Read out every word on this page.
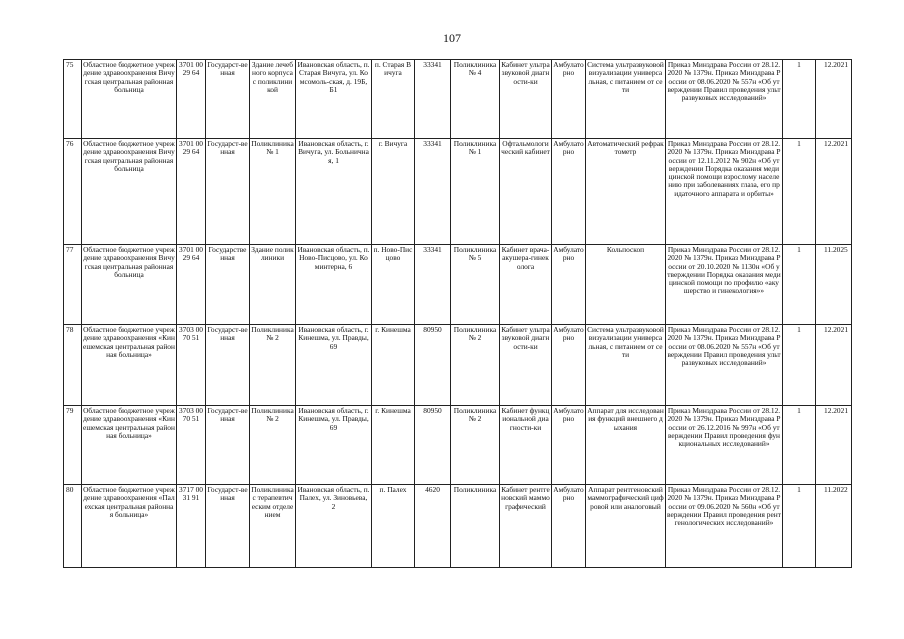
107
75	Областное бюджетное учреждение здравоохранения Вичугская центральная районная больница	3701 0029 64	Государст-венная	Здание лечебного корпуса с поликлиникой	Ивановская область, п. Старая Вичуга, ул. Комсомоль-ская, д. 19Б, Б1	п. Старая Вичуга	33341	Поликлиника № 4	Кабинет ультразвуковой диагности-ки	Амбулаторно	Система ультразвуковой визуализации универсальная, с питанием от сети	Приказ Минздрава России от 28.12.2020 № 1379н. Приказ Минздрава России от 08.06.2020 № 557н «Об утверждении Правил проведения ультразвуковых исследований»	1	12.2021
76	Областное бюджетное учреждение здравоохранения Вичугская центральная районная больница	3701 0029 64	Государст-венная	Поликлиника № 1	Ивановская область, г. Вичуга, ул. Больничная, 1	г. Вичуга	33341	Поликлиника № 1	Офтальмологический кабинет	Амбулаторно	Автоматический рефрактометр	Приказ Минздрава России от 28.12.2020 № 1379н. Приказ Минздрава России от 12.11.2012 № 902н «Об утверждении Порядка оказания медицинской помощи взрослому населению при заболеваниях глаза, его придаточного аппарата и орбиты»	1	12.2021
77	Областное бюджетное учреждение здравоохранения Вичугская центральная районная больница	3701 0029 64	Государственная	Здание поликлиники	Ивановская область, п. Ново-Писцово, ул. Коминтерна, 6	п. Ново-Писцово	33341	Поликлиника № 5	Кабинет врача-акушера-гинеколога	Амбулаторно	Кольпоскоп	Приказ Минздрава России от 28.12.2020 № 1379н. Приказ Минздрава России от 20.10.2020 № 1130н «Об утверждении Порядка оказания медицинской помощи по профилю «акушерство и гинекология»»	1	11.2025
78	Областное бюджетное учреждение здравоохранения «Кинешемская центральная районная больница»	3703 0070 51	Государст-венная	Поликлиника № 2	Ивановская область, г. Кинешма, ул. Правды, 69	г. Кинешма	80950	Поликлиника № 2	Кабинет ультразвуковой диагности-ки	Амбулаторно	Система ультразвуковой визуализации универсальная, с питанием от сети	Приказ Минздрава России от 28.12.2020 № 1379н. Приказ Минздрава России от 08.06.2020 № 557н «Об утверждении Правил проведения ультразвуковых исследований»	1	12.2021
79	Областное бюджетное учреждение здравоохранения «Кинешемская центральная районная больница»	3703 0070 51	Государст-венная	Поликлиника № 2	Ивановская область, г. Кинешма, ул. Правды, 69	г. Кинешма	80950	Поликлиника № 2	Кабинет функциональной диагности-ки	Амбулаторно	Аппарат для исследования функций внешнего дыхания	Приказ Минздрава России от 28.12.2020 № 1379н. Приказ Минздрава России от 26.12.2016 № 997н «Об утверждении Правил проведения функциональных исследований»	1	12.2021
80	Областное бюджетное учреждение здравоохранения «Палехская центральная районная больница»	3717 0031 91	Государст-венная	Поликлиника с терапевтическим отделением	Ивановская область, п. Палех, ул. Зиновьева, 2	п. Палех	4620	Поликлиника	Кабинет рентгеновский маммографический	Амбулаторно	Аппарат рентгеновский маммографический цифровой или аналоговый	Приказ Минздрава России от 28.12.2020 № 1379н. Приказ Минздрава России от 09.06.2020 № 560н «Об утверждении Правил проведения рентгенологических исследований»	1	11.2022
